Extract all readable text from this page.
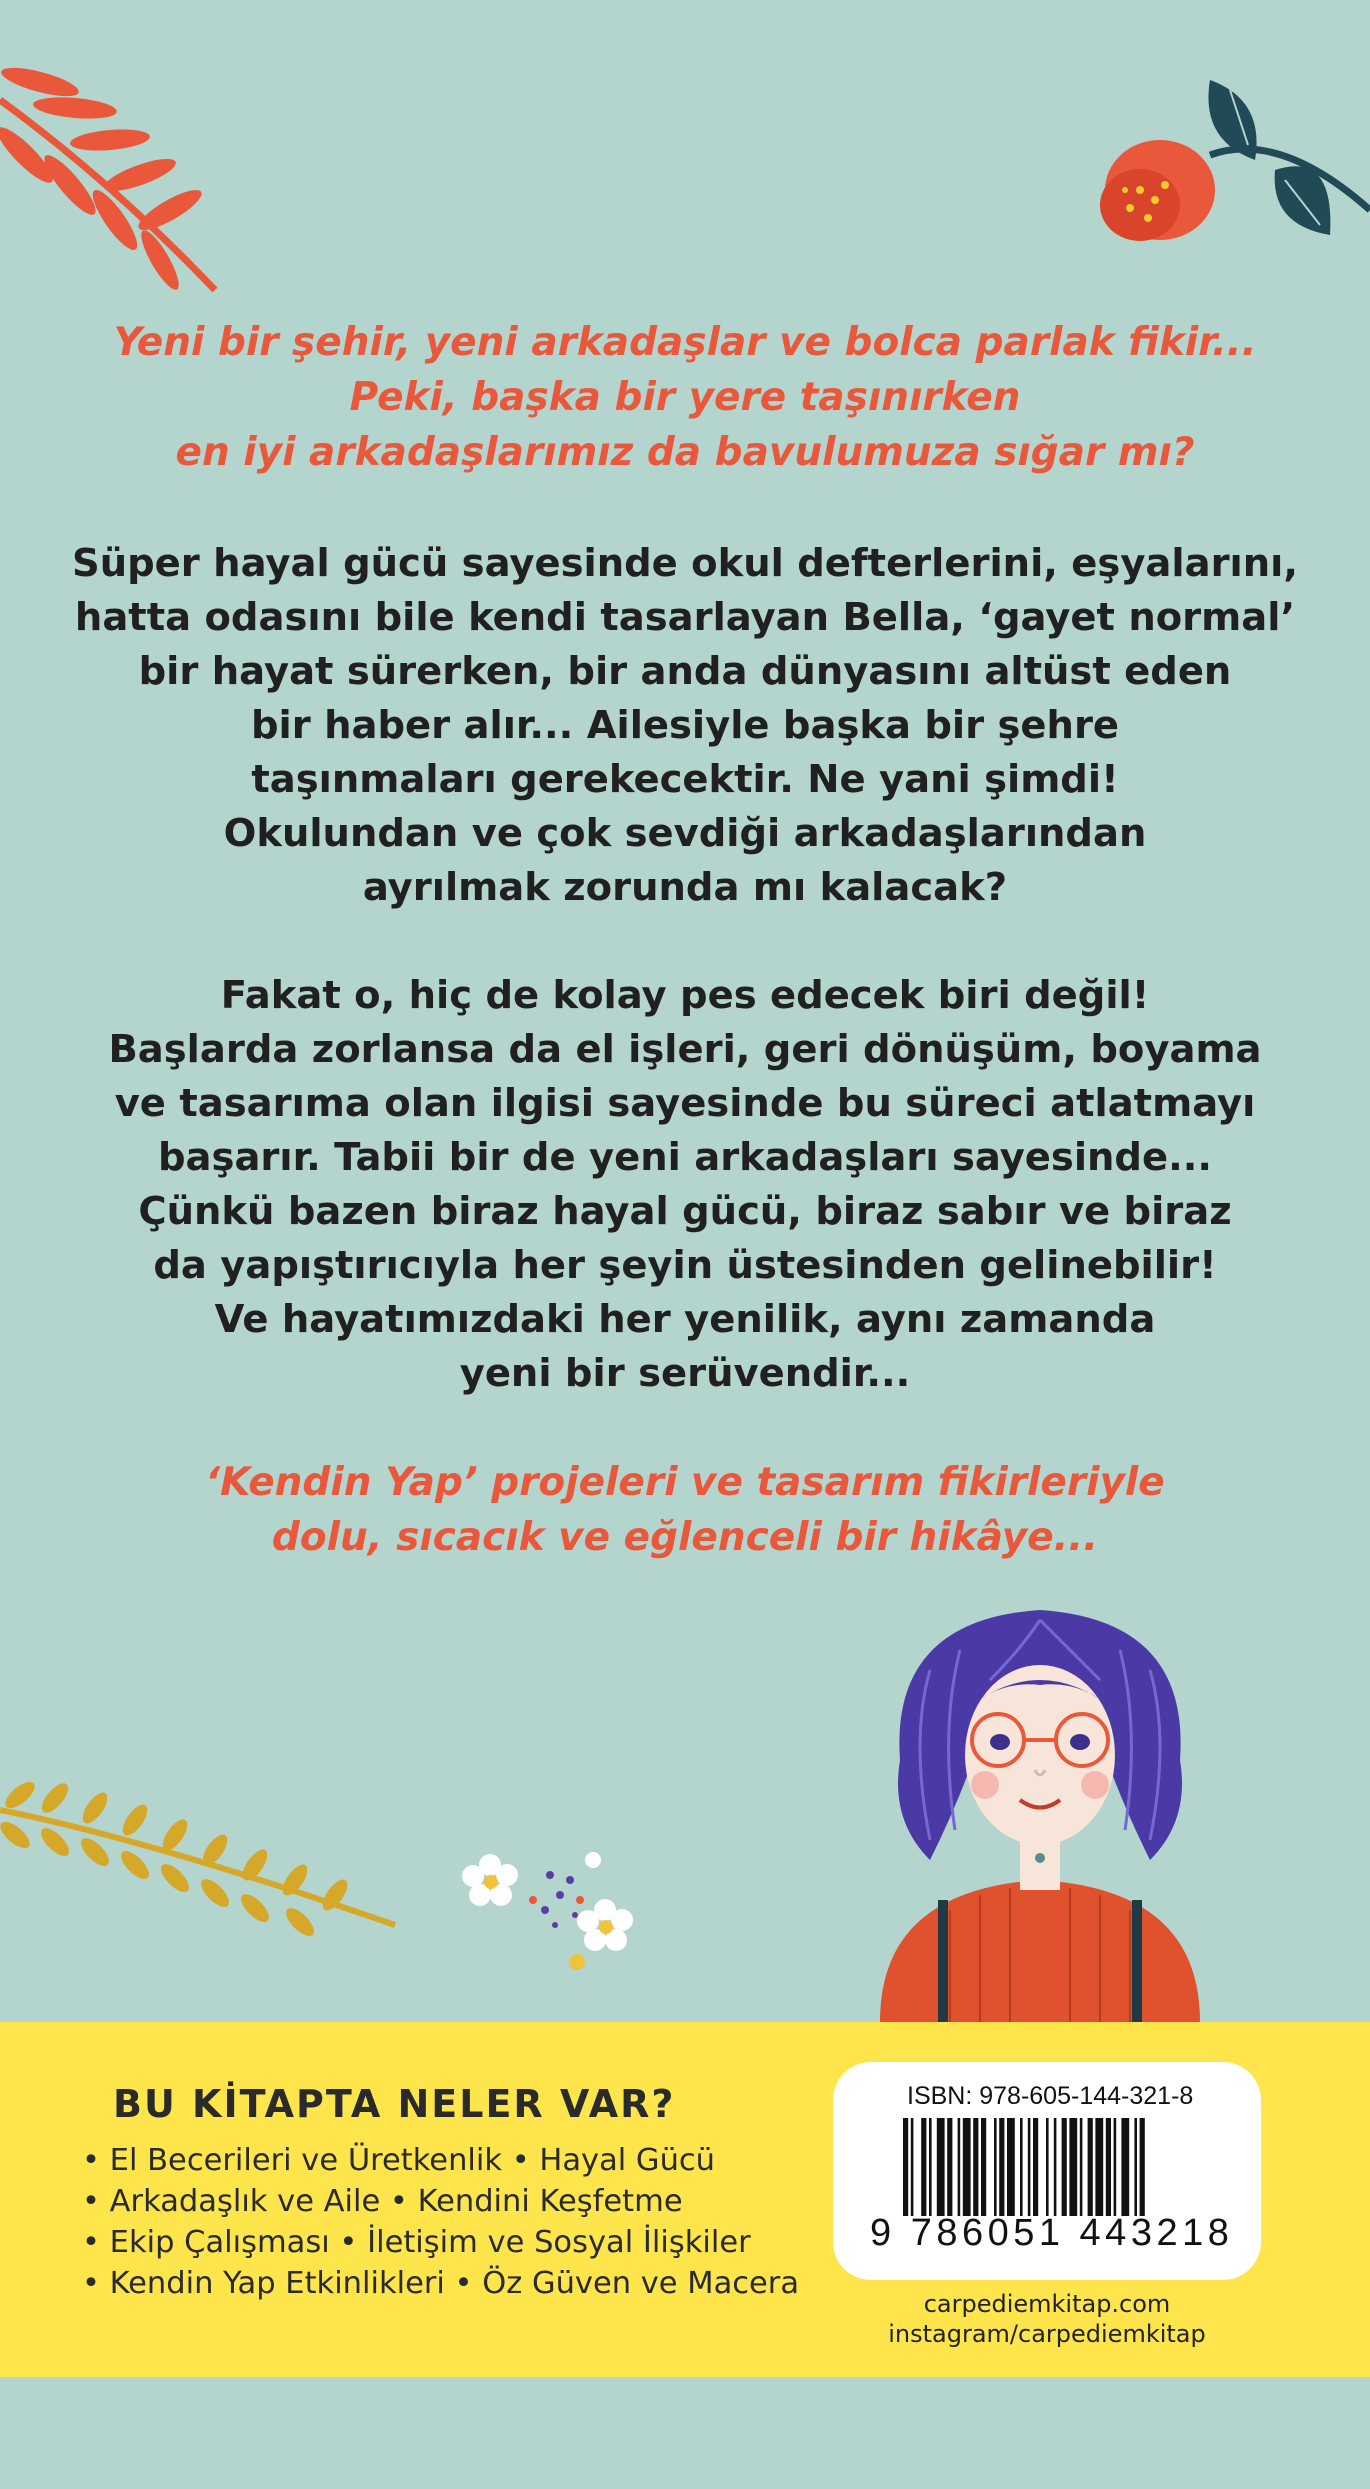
Yeni bir şehir, yeni arkadaşlar ve bolca parlak fikir...
Peki, başka bir yere taşınırken
en iyi arkadaşlarımız da bavulumuza sığar mı?
Süper hayal gücü sayesinde okul defterlerini, eşyalarını,
hatta odasını bile kendi tasarlayan Bella, ‘gayet normal’
bir hayat sürerken, bir anda dünyasını altüst eden
bir haber alır... Ailesiyle başka bir şehre
taşınmaları gerekecektir. Ne yani şimdi!
Okulundan ve çok sevdiği arkadaşlarından
ayrılmak zorunda mı kalacak?
Fakat o, hiç de kolay pes edecek biri değil!
Başlarda zorlansa da el işleri, geri dönüşüm, boyama
ve tasarıma olan ilgisi sayesinde bu süreci atlatmayı
başarır. Tabii bir de yeni arkadaşları sayesinde...
Çünkü bazen biraz hayal gücü, biraz sabır ve biraz
da yapıştırıcıyla her şeyin üstesinden gelinebilir!
Ve hayatımızdaki her yenilik, aynı zamanda
yeni bir serüvendir...
‘Kendin Yap’ projeleri ve tasarım fikirleriyle
dolu, sıcacık ve eğlenceli bir hikâye...
BU KİTAPTA NELER VAR?
• El Becerileri ve Üretkenlik • Hayal Gücü
• Arkadaşlık ve Aile • Kendini Keşfetme
• Ekip Çalışması • İletişim ve Sosyal İlişkiler
• Kendin Yap Etkinlikleri • Öz Güven ve Macera
ISBN: 978-605-144-321-8
9 786051 443218
carpediemkitap.com
instagram/carpediemkitap
